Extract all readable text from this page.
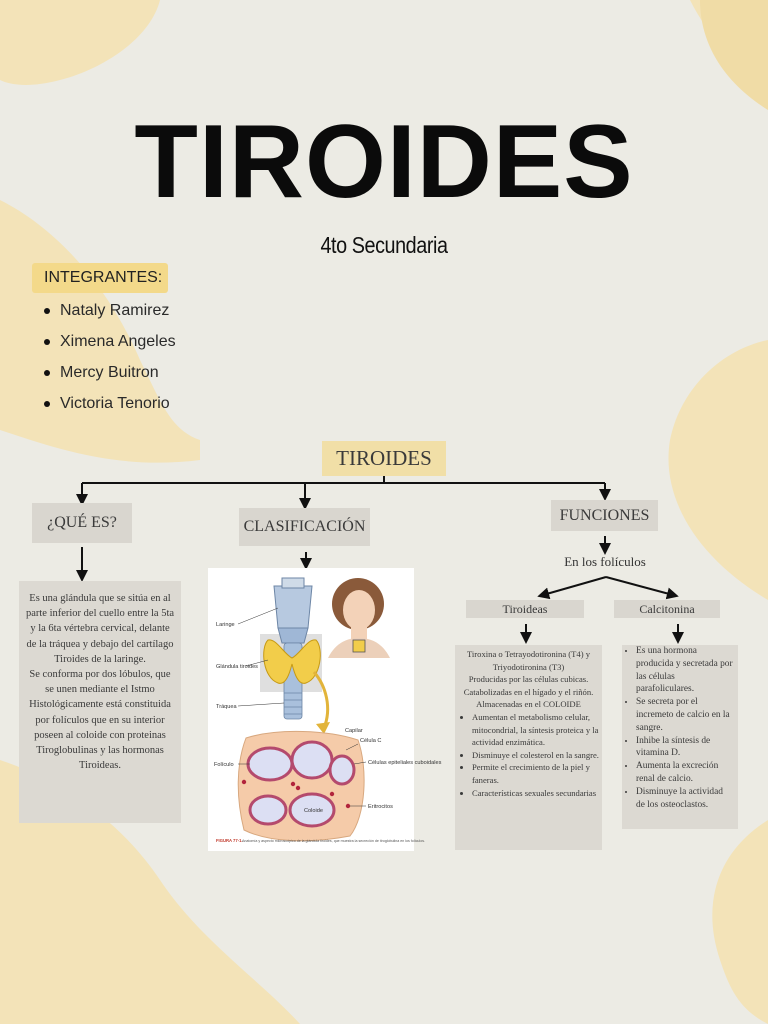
TIROIDES
4to Secundaria
INTEGRANTES:
Nataly Ramirez
Ximena Angeles
Mercy Buitron
Victoria Tenorio
TIROIDES
¿QUÉ ES?	CLASIFICACIÓN
FUNCIONES
En los folículos
Tiroideas	Calcitonina

Es una glándula que se sitúa en al parte inferior del cuello entre la 5ta y la 6ta vértebra cervical, delante de la tráquea y debajo del cartílago Tiroides de la laringe.

Se conforma por dos lóbulos, que se unen mediante el Istmo

Histológicamente está constituida por folículos que en su interior poseen al coloide con proteinas Tiroglobulinas y las hormonas Tiroideas.

Laringe
Glándula tiroides
Tráquea
Capilar
Célula C
Células epiteliales cuboidales
Folículo
Coloide
Eritrocitos
FIGURA 77-1. Anatomía y aspecto microscópico de la glándula tiroides, que muestra la secreción de tiroglobulina en los folículos.

Tiroxina o Tetrayodotironina (T4) y Triyodotironina (T3)

Producidas por las células cubicas.

Catabolizadas en el hígado y el riñón.

Almacenadas en el COLOIDE

• Aumentan el metabolismo celular, mitocondrial, la síntesis proteica y la actividad enzimática.
• Disminuye el colesterol en la sangre.
• Permite el crecimiento de la piel y faneras.
• Características sexuales secundarias
• Es una hormona producida y secretada por las células parafoliculares.
• Se secreta por el incremeto de calcio en la sangre.
• Inhibe la síntesis de vitamina D.
• Aumenta la excreción renal de calcio.
• Disminuye la actividad de los osteoclastos.
